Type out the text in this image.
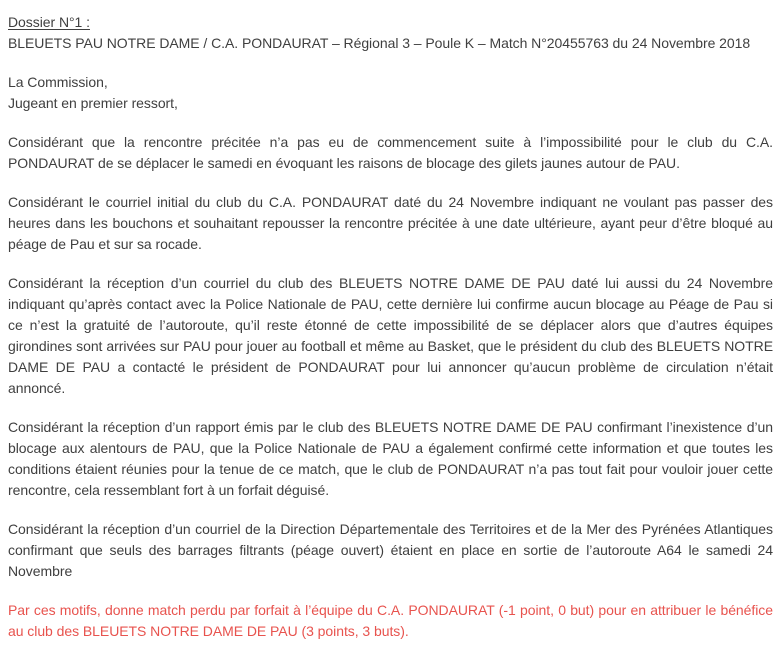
Dossier N°1 :
BLEUETS PAU NOTRE DAME / C.A. PONDAURAT – Régional 3 – Poule K – Match N°20455763 du 24 Novembre 2018
La Commission,
Jugeant en premier ressort,

Considérant que la rencontre précitée n’a pas eu de commencement suite à l’impossibilité pour le club du C.A. PONDAURAT de se déplacer le samedi en évoquant les raisons de blocage des gilets jaunes autour de PAU.

Considérant le courriel initial du club du C.A. PONDAURAT daté du 24 Novembre indiquant ne voulant pas passer des heures dans les bouchons et souhaitant repousser la rencontre précitée à une date ultérieure, ayant peur d’être bloqué au péage de Pau et sur sa rocade.

Considérant la réception d’un courriel du club des BLEUETS NOTRE DAME DE PAU daté lui aussi du 24 Novembre indiquant qu’après contact avec la Police Nationale de PAU, cette dernière lui confirme aucun blocage au Péage de Pau si ce n’est la gratuité de l’autoroute, qu’il reste étonné de cette impossibilité de se déplacer alors que d’autres équipes girondines sont arrivées sur PAU pour jouer au football et même au Basket, que le président du club des BLEUETS NOTRE DAME DE PAU a contacté le président de PONDAURAT pour lui annoncer qu’aucun problème de circulation n’était annoncé.

Considérant la réception d’un rapport émis par le club des BLEUETS NOTRE DAME DE PAU confirmant l’inexistence d’un blocage aux alentours de PAU, que la Police Nationale de PAU a également confirmé cette information et que toutes les conditions étaient réunies pour la tenue de ce match, que le club de PONDAURAT n’a pas tout fait pour vouloir jouer cette rencontre, cela ressemblant fort à un forfait déguisé.

Considérant la réception d’un courriel de la Direction Départementale des Territoires et de la Mer des Pyrénées Atlantiques confirmant que seuls des barrages filtrants (péage ouvert) étaient en place en sortie de l’autoroute A64 le samedi 24 Novembre

Par ces motifs, donne match perdu par forfait à l’équipe du C.A. PONDAURAT (-1 point, 0 but) pour en attribuer le bénéfice au club des BLEUETS NOTRE DAME DE PAU (3 points, 3 buts).
